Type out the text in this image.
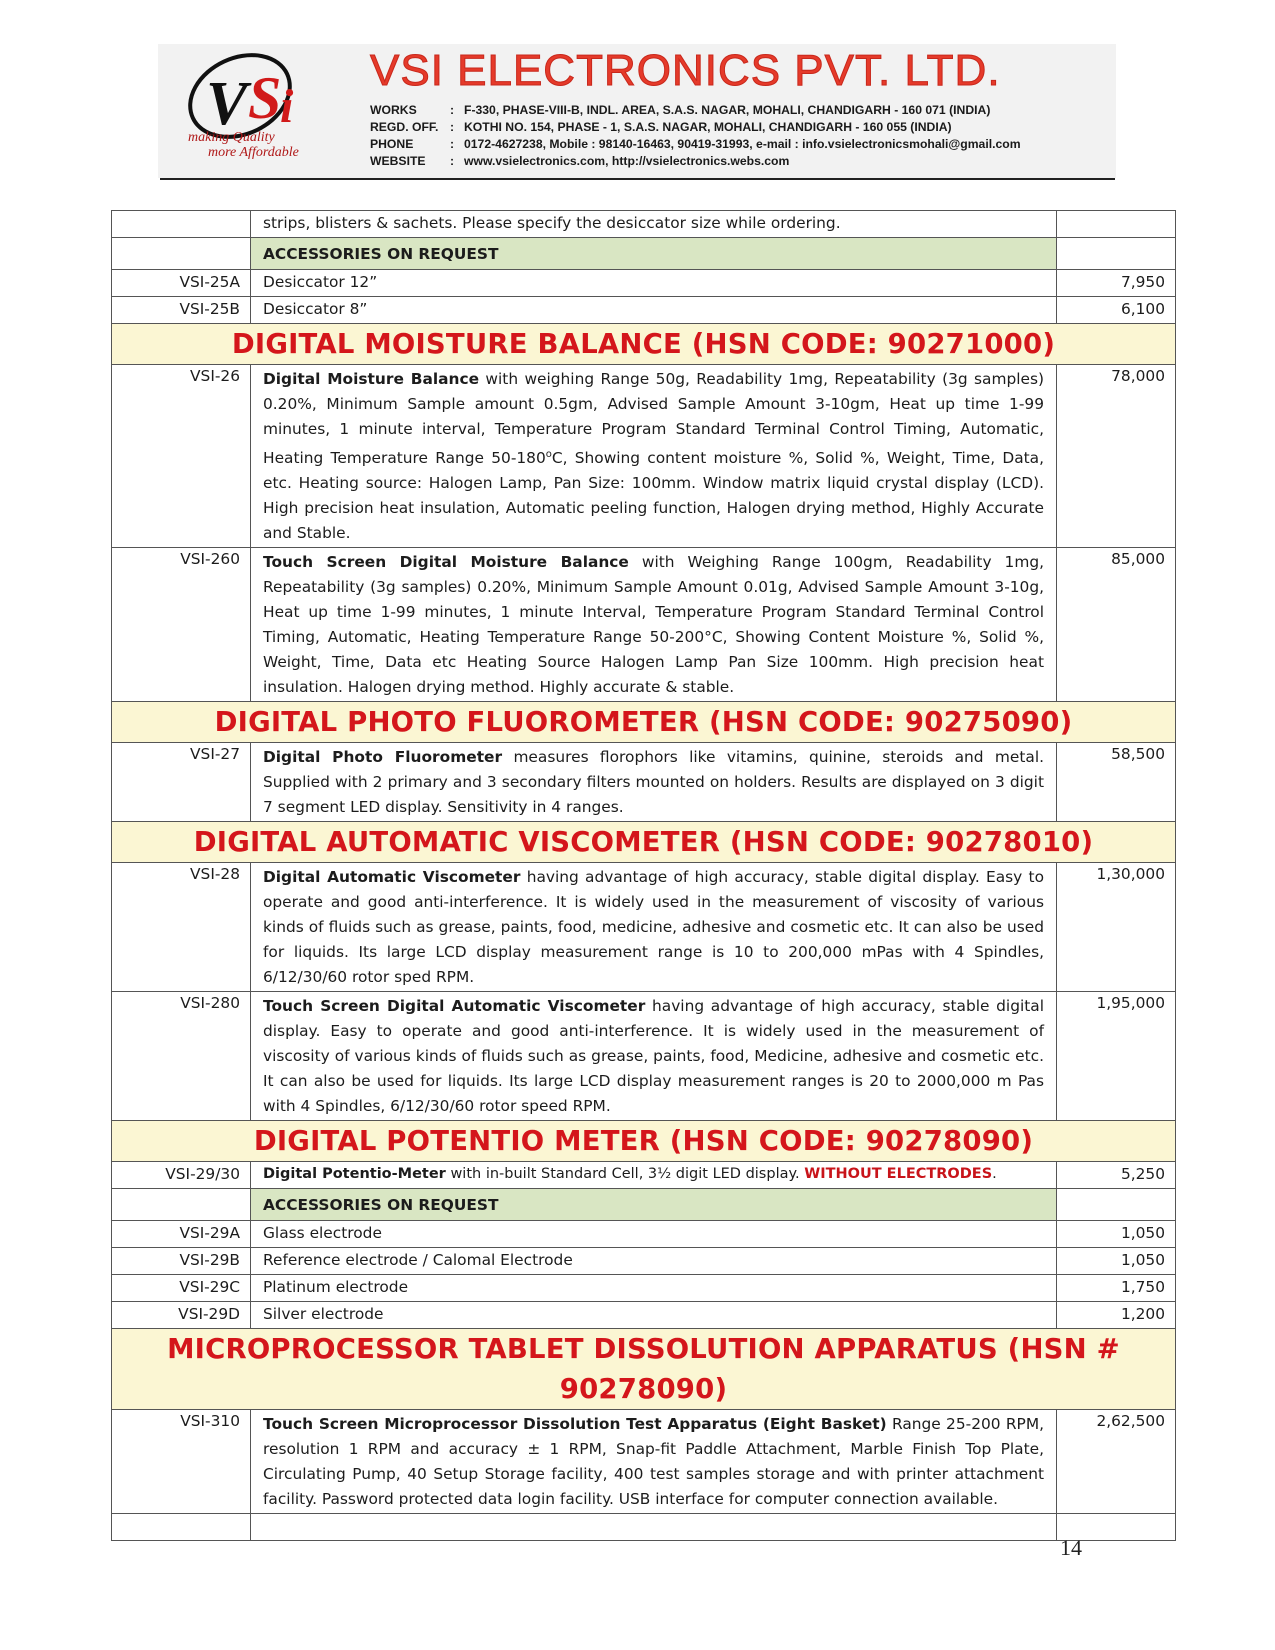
V S
i
making Quality
more Affordable
VSI ELECTRONICS PVT. LTD.
WORKS	: F-330, PHASE-VIII-B, INDL. AREA, S.A.S. NAGAR, MOHALI, CHANDIGARH - 160 071 (INDIA)
REGD. OFF. : KOTHI NO. 154, PHASE - 1, S.A.S. NAGAR, MOHALI, CHANDIGARH - 160 055 (INDIA)
PHONE	: 0172-4627238, Mobile : 98140-16463, 90419-31993, e-mail : info.vsielectronicsmohali@gmail.com
WEBSITE	: www.vsielectronics.com, http://vsielectronics.webs.com
	strips, blisters & sachets. Please specify the desiccator size while ordering.	
	ACCESSORIES ON REQUEST	
VSI-25A	Desiccator 12”	7,950
VSI-25B	Desiccator 8”	6,100
DIGITAL MOISTURE BALANCE (HSN CODE: 90271000)		
VSI-26	Digital Moisture Balance with weighing Range 50g, Readability 1mg, Repeatability (3g samples) 0.20%, Minimum Sample amount 0.5gm, Advised Sample Amount 3-10gm, Heat up time 1-99 minutes, 1 minute interval, Temperature Program Standard Terminal Control Timing, Automatic, Heating Temperature Range 50-180$^o$C, Showing content moisture %, Solid %, Weight, Time, Data, etc. Heating source: Halogen Lamp, Pan Size: 100mm. Window matrix liquid crystal display (LCD). High precision heat insulation, Automatic peeling function, Halogen drying method, Highly Accurate and Stable.	78,000
VSI-260	Touch Screen Digital Moisture Balance with Weighing Range 100gm, Readability 1mg, Repeatability (3g samples) 0.20%, Minimum Sample Amount 0.01g, Advised Sample Amount 3-10g, Heat up time 1-99 minutes, 1 minute Interval, Temperature Program Standard Terminal Control Timing, Automatic, Heating Temperature Range 50-200°C, Showing Content Moisture %, Solid %, Weight, Time, Data etc Heating Source Halogen Lamp Pan Size 100mm. High precision heat insulation. Halogen drying method. Highly accurate & stable.	85,000
DIGITAL PHOTO FLUOROMETER (HSN CODE: 90275090)		
VSI-27	Digital Photo Fluorometer measures florophors like vitamins, quinine, steroids and metal. Supplied with 2 primary and 3 secondary filters mounted on holders. Results are displayed on 3 digit 7 segment LED display. Sensitivity in 4 ranges.	58,500
DIGITAL AUTOMATIC VISCOMETER (HSN CODE: 90278010)		
VSI-28	Digital Automatic Viscometer having advantage of high accuracy, stable digital display. Easy to operate and good anti-interference. It is widely used in the measurement of viscosity of various kinds of fluids such as grease, paints, food, medicine, adhesive and cosmetic etc. It can also be used for liquids. Its large LCD display measurement range is 10 to 200,000 mPas with 4 Spindles, 6/12/30/60 rotor sped RPM.	1,30,000
VSI-280	Touch Screen Digital Automatic Viscometer having advantage of high accuracy, stable digital display. Easy to operate and good anti-interference. It is widely used in the measurement of viscosity of various kinds of fluids such as grease, paints, food, Medicine, adhesive and cosmetic etc. It can also be used for liquids. Its large LCD display measurement ranges is 20 to 2000,000 m Pas with 4 Spindles, 6/12/30/60 rotor speed RPM.	1,95,000
DIGITAL POTENTIO METER (HSN CODE: 90278090)		
VSI-29/30	Digital Potentio-Meter with in-built Standard Cell, 3½ digit LED display. WITHOUT ELECTRODES.	5,250
	ACCESSORIES ON REQUEST	
VSI-29A	Glass electrode	1,050
VSI-29B	Reference electrode / Calomal Electrode	1,050
VSI-29C	Platinum electrode	1,750
VSI-29D	Silver electrode	1,200
MICROPROCESSOR TABLET DISSOLUTION APPARATUS (HSN # 90278090)		
VSI-310	Touch Screen Microprocessor Dissolution Test Apparatus (Eight Basket) Range 25-200 RPM, resolution 1 RPM and accuracy ± 1 RPM, Snap-fit Paddle Attachment, Marble Finish Top Plate, Circulating Pump, 40 Setup Storage facility, 400 test samples storage and with printer attachment facility. Password protected data login facility. USB interface for computer connection available.	2,62,500

14
